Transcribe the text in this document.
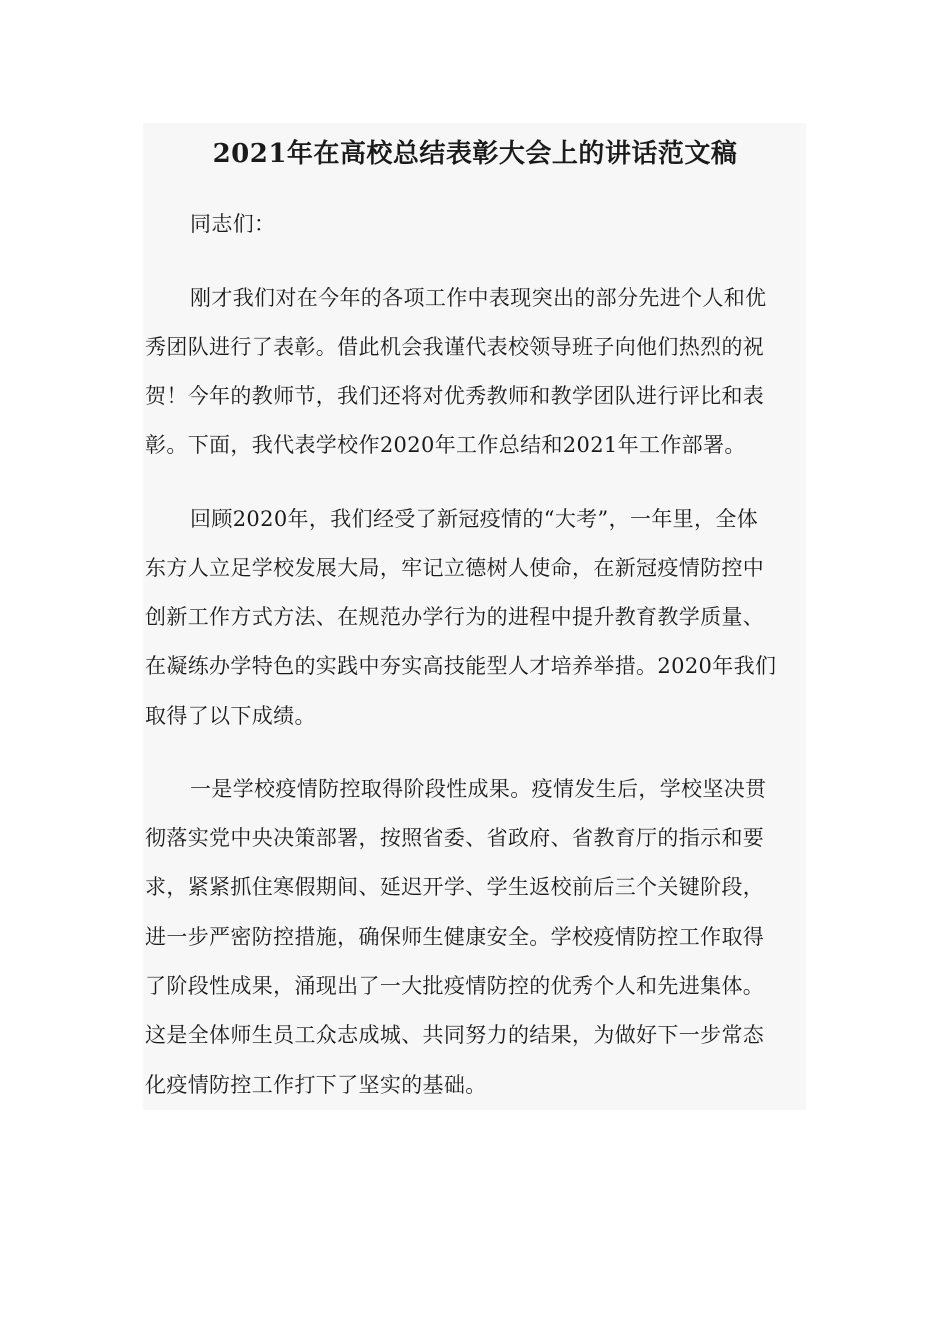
2021年在高校总结表彰大会上的讲话范文稿
同志们：
刚才我们对在今年的各项工作中表现突出的部分先进个人和优
秀团队进行了表彰。借此机会我谨代表校领导班子向他们热烈的祝
贺！今年的教师节，我们还将对优秀教师和教学团队进行评比和表
彰。下面，我代表学校作2020年工作总结和2021年工作部署。
回顾2020年，我们经受了新冠疫情的“大考”，一年里，全体
东方人立足学校发展大局，牢记立德树人使命，在新冠疫情防控中
创新工作方式方法、在规范办学行为的进程中提升教育教学质量、
在凝练办学特色的实践中夯实高技能型人才培养举措。2020年我们
取得了以下成绩。
一是学校疫情防控取得阶段性成果。疫情发生后，学校坚决贯
彻落实党中央决策部署，按照省委、省政府、省教育厅的指示和要
求，紧紧抓住寒假期间、延迟开学、学生返校前后三个关键阶段，
进一步严密防控措施，确保师生健康安全。学校疫情防控工作取得
了阶段性成果，涌现出了一大批疫情防控的优秀个人和先进集体。
这是全体师生员工众志成城、共同努力的结果，为做好下一步常态
化疫情防控工作打下了坚实的基础。
